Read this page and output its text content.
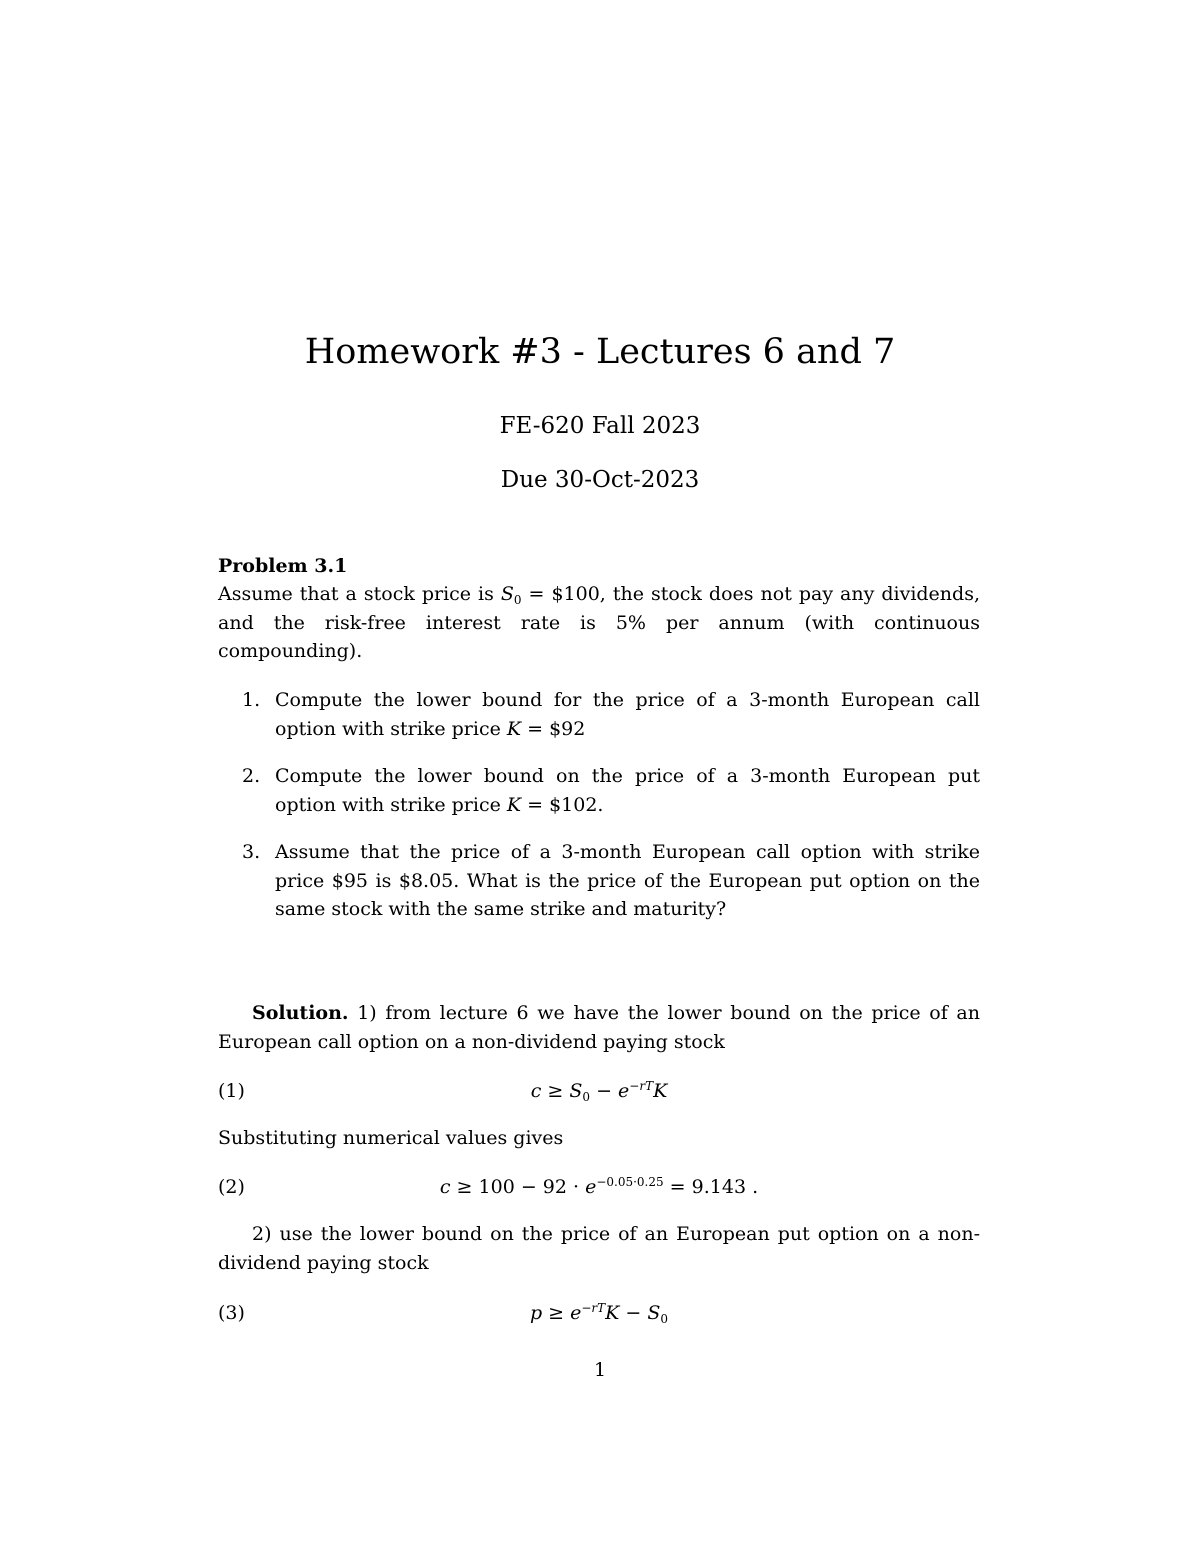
Homework #3 - Lectures 6 and 7
FE-620 Fall 2023
Due 30-Oct-2023
Problem 3.1
Assume that a stock price is $S_0$ = $100, the stock does not pay any dividends, and the risk-free interest rate is 5% per annum (with continuous compounding).
1. Compute the lower bound for the price of a 3-month European call option with strike price K = $92
2. Compute the lower bound on the price of a 3-month European put option with strike price K = $102.
3. Assume that the price of a 3-month European call option with strike price $95 is $8.05. What is the price of the European put option on the same stock with the same strike and maturity?
Solution. 1) from lecture 6 we have the lower bound on the price of an European call option on a non-dividend paying stock
(1)	$c \ge S_0 - e^{-rT}K$
Substituting numerical values gives
(2)	$c \ge 100 - 92 \cdot e^{-0.05\cdot 0.25} = 9.143$ .
2) use the lower bound on the price of an European put option on a non-dividend paying stock
(3)	$p \ge e^{-rT}K - S_0$
1
